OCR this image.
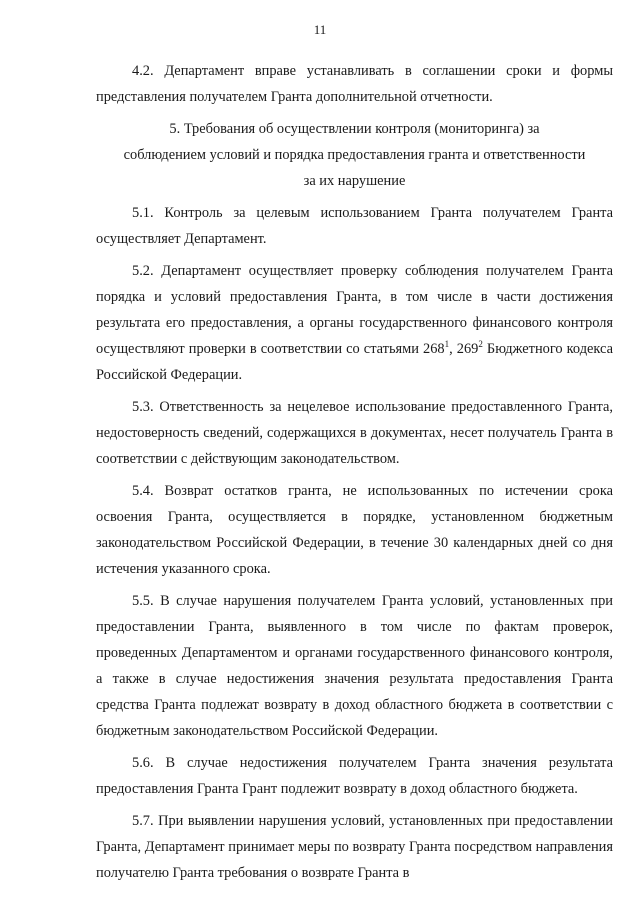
11

4.2. Департамент вправе устанавливать в соглашении сроки и формы представления получателем Гранта дополнительной отчетности.

5. Требования об осуществлении контроля (мониторинга) за
соблюдением условий и порядка предоставления гранта и ответственности
за их нарушение

5.1. Контроль за целевым использованием Гранта получателем Гранта осуществляет Департамент.

5.2. Департамент осуществляет проверку соблюдения получателем Гранта порядка и условий предоставления Гранта, в том числе в части достижения результата его предоставления, а органы государственного финансового контроля осуществляют проверки в соответствии со статьями $268^1$, $269^2$ Бюджетного кодекса Российской Федерации.

5.3. Ответственность за нецелевое использование предоставленного Гранта, недостоверность сведений, содержащихся в документах, несет получатель Гранта в соответствии с действующим законодательством.

5.4. Возврат остатков гранта, не использованных по истечении срока освоения Гранта, осуществляется в порядке, установленном бюджетным законодательством Российской Федерации, в течение 30 календарных дней со дня истечения указанного срока.

5.5. В случае нарушения получателем Гранта условий, установленных при предоставлении Гранта, выявленного в том числе по фактам проверок, проведенных Департаментом и органами государственного финансового контроля, а также в случае недостижения значения результата предоставления Гранта средства Гранта подлежат возврату в доход областного бюджета в соответствии с бюджетным законодательством Российской Федерации.

5.6. В случае недостижения получателем Гранта значения результата предоставления Гранта Грант подлежит возврату в доход областного бюджета.

5.7. При выявлении нарушения условий, установленных при предоставлении Гранта, Департамент принимает меры по возврату Гранта посредством направления получателю Гранта требования о возврате Гранта в
